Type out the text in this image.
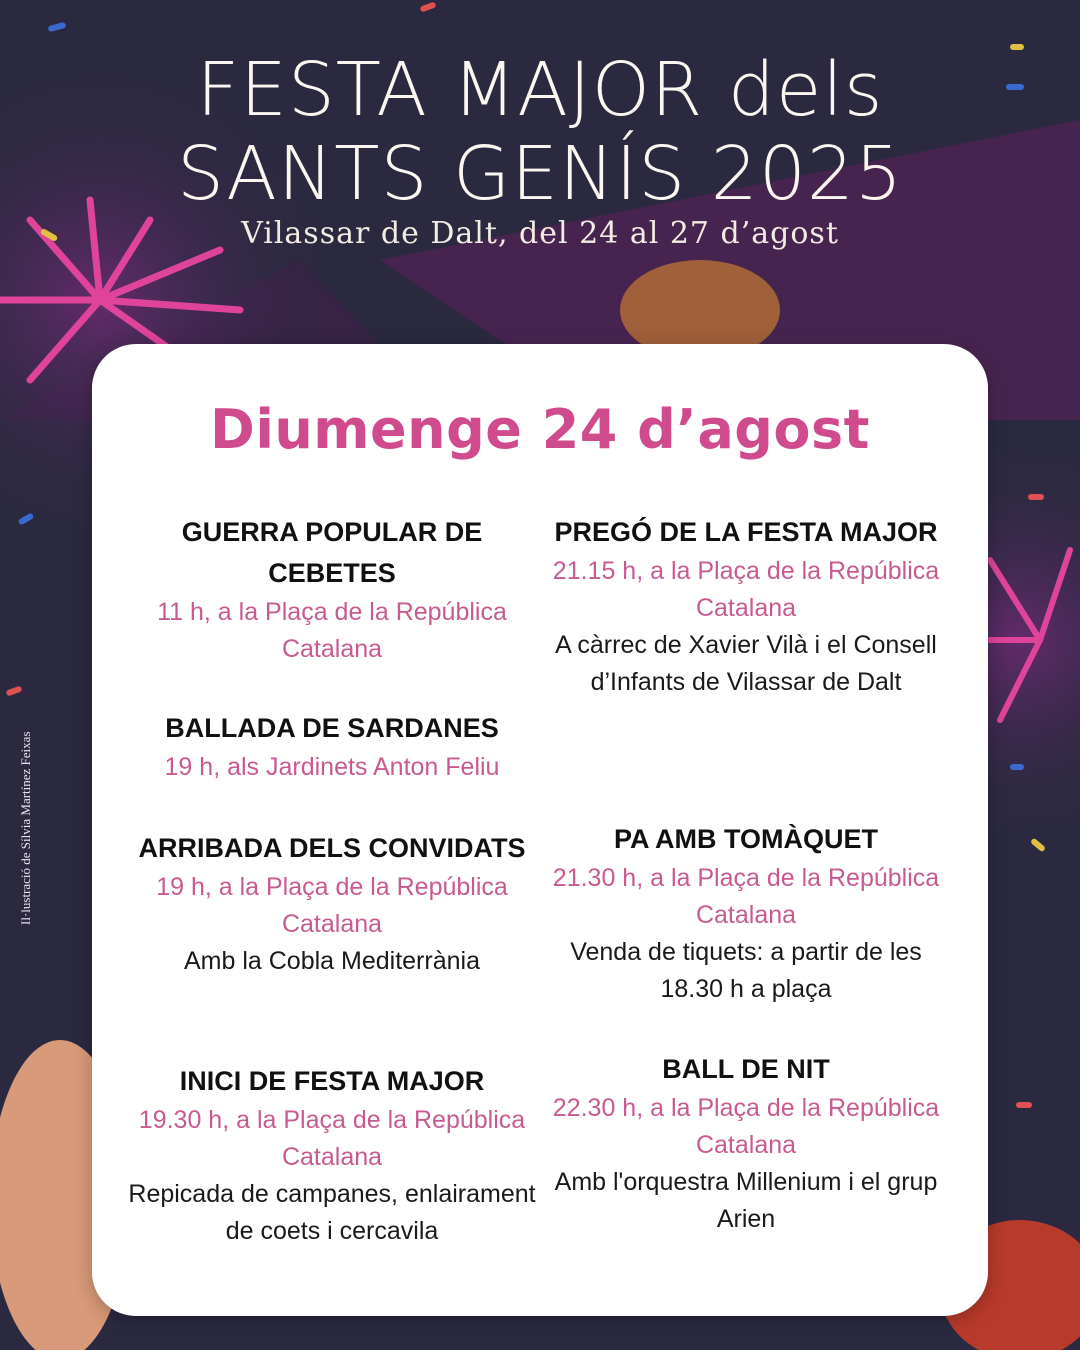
FESTA MAJOR dels
SANTS GENÍS 2025
Vilassar de Dalt, del 24 al 27 d’agost
Il·lustració de Sílvia Martínez Feixas
Diumenge 24 d’agost
GUERRA POPULAR DE CEBETES
11 h, a la Plaça de la República Catalana
BALLADA DE SARDANES
19 h, als Jardinets Anton Feliu
ARRIBADA DELS CONVIDATS
19 h, a la Plaça de la República Catalana
Amb la Cobla Mediterrània
INICI DE FESTA MAJOR
19.30 h, a la Plaça de la República Catalana
Repicada de campanes, enlairament de coets i cercavila
PREGÓ DE LA FESTA MAJOR
21.15 h, a la Plaça de la República Catalana
A càrrec de Xavier Vilà i el Consell d’Infants de Vilassar de Dalt
PA AMB TOMÀQUET
21.30 h, a la Plaça de la República Catalana
Venda de tiquets: a partir de les 18.30 h a plaça
BALL DE NIT
22.30 h, a la Plaça de la República Catalana
Amb l'orquestra Millenium i el grup Arien
